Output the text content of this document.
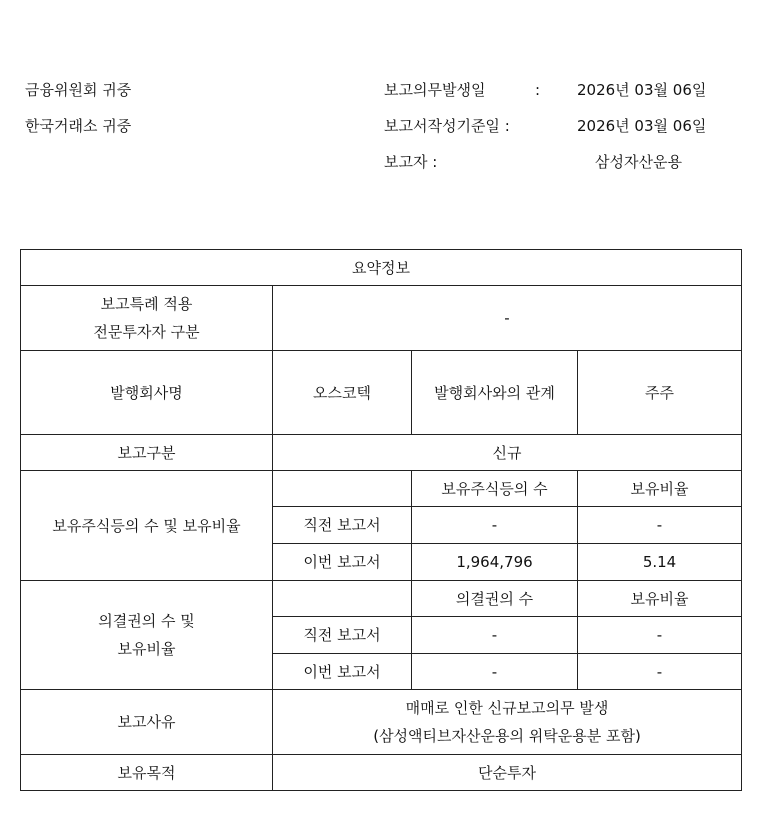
금융위원회 귀중
한국거래소 귀중
보고의무발생일	: 2026년 03월 06일
보고서작성기준일 :	2026년 03월 06일
보고자 :	삼성자산운용
요약정보			

보고특례 적용
전문투자자 구분	-		
발행회사명	오스코텍	발행회사와의 관계	주주
보고구분	신규		
보유주식등의 수 및 보유비율		보유주식등의 수	보유비율
	직전 보고서	-	-
	이번 보고서	1,964,796	5.14

의결권의 수 및
보유비율		의결권의 수	보유비율
	직전 보고서	-	-
	이번 보고서	-	-
보고사유	매매로 인한 신규보고의무 발생
(삼성액티브자산운용의 위탁운용분 포함)		

보유목적	단순투자		
